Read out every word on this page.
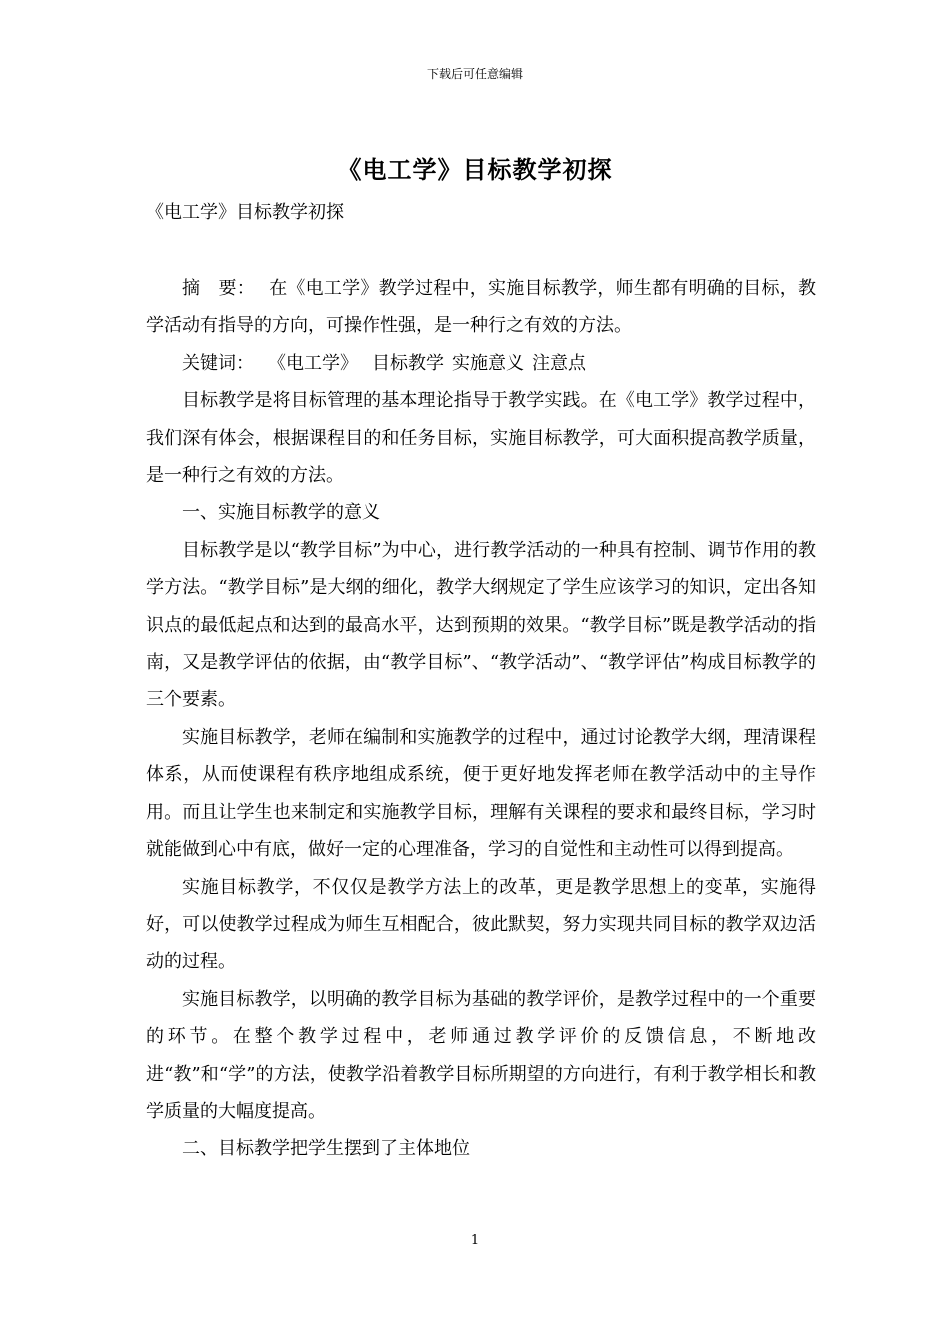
下载后可任意编辑
《电工学》目标教学初探
《电工学》目标教学初探

摘　要： 在《电工学》教学过程中，实施目标教学，师生都有明确的目标，教学活动有指导的方向，可操作性强，是一种行之有效的方法。

关键词： 《电工学》 目标教学 实施意义 注意点

目标教学是将目标管理的基本理论指导于教学实践。在《电工学》教学过程中，我们深有体会，根据课程目的和任务目标，实施目标教学，可大面积提高教学质量，是一种行之有效的方法。

一、实施目标教学的意义

目标教学是以“教学目标”为中心，进行教学活动的一种具有控制、调节作用的教学方法。“教学目标”是大纲的细化，教学大纲规定了学生应该学习的知识，定出各知识点的最低起点和达到的最高水平，达到预期的效果。“教学目标”既是教学活动的指南，又是教学评估的依据，由“教学目标”、“教学活动”、“教学评估”构成目标教学的三个要素。

实施目标教学，老师在编制和实施教学的过程中，通过讨论教学大纲，理清课程体系，从而使课程有秩序地组成系统，便于更好地发挥老师在教学活动中的主导作用。而且让学生也来制定和实施教学目标，理解有关课程的要求和最终目标，学习时就能做到心中有底，做好一定的心理准备，学习的自觉性和主动性可以得到提高。

实施目标教学，不仅仅是教学方法上的改革，更是教学思想上的变革，实施得好，可以使教学过程成为师生互相配合，彼此默契，努力实现共同目标的教学双边活动的过程。

实施目标教学，以明确的教学目标为基础的教学评价，是教学过程中的一个重要的环节。在整个教学过程中，老师通过教学评价的反馈信息，不断地改进“教”和“学”的方法，使教学沿着教学目标所期望的方向进行，有利于教学相长和教学质量的大幅度提高。

二、目标教学把学生摆到了主体地位

1
